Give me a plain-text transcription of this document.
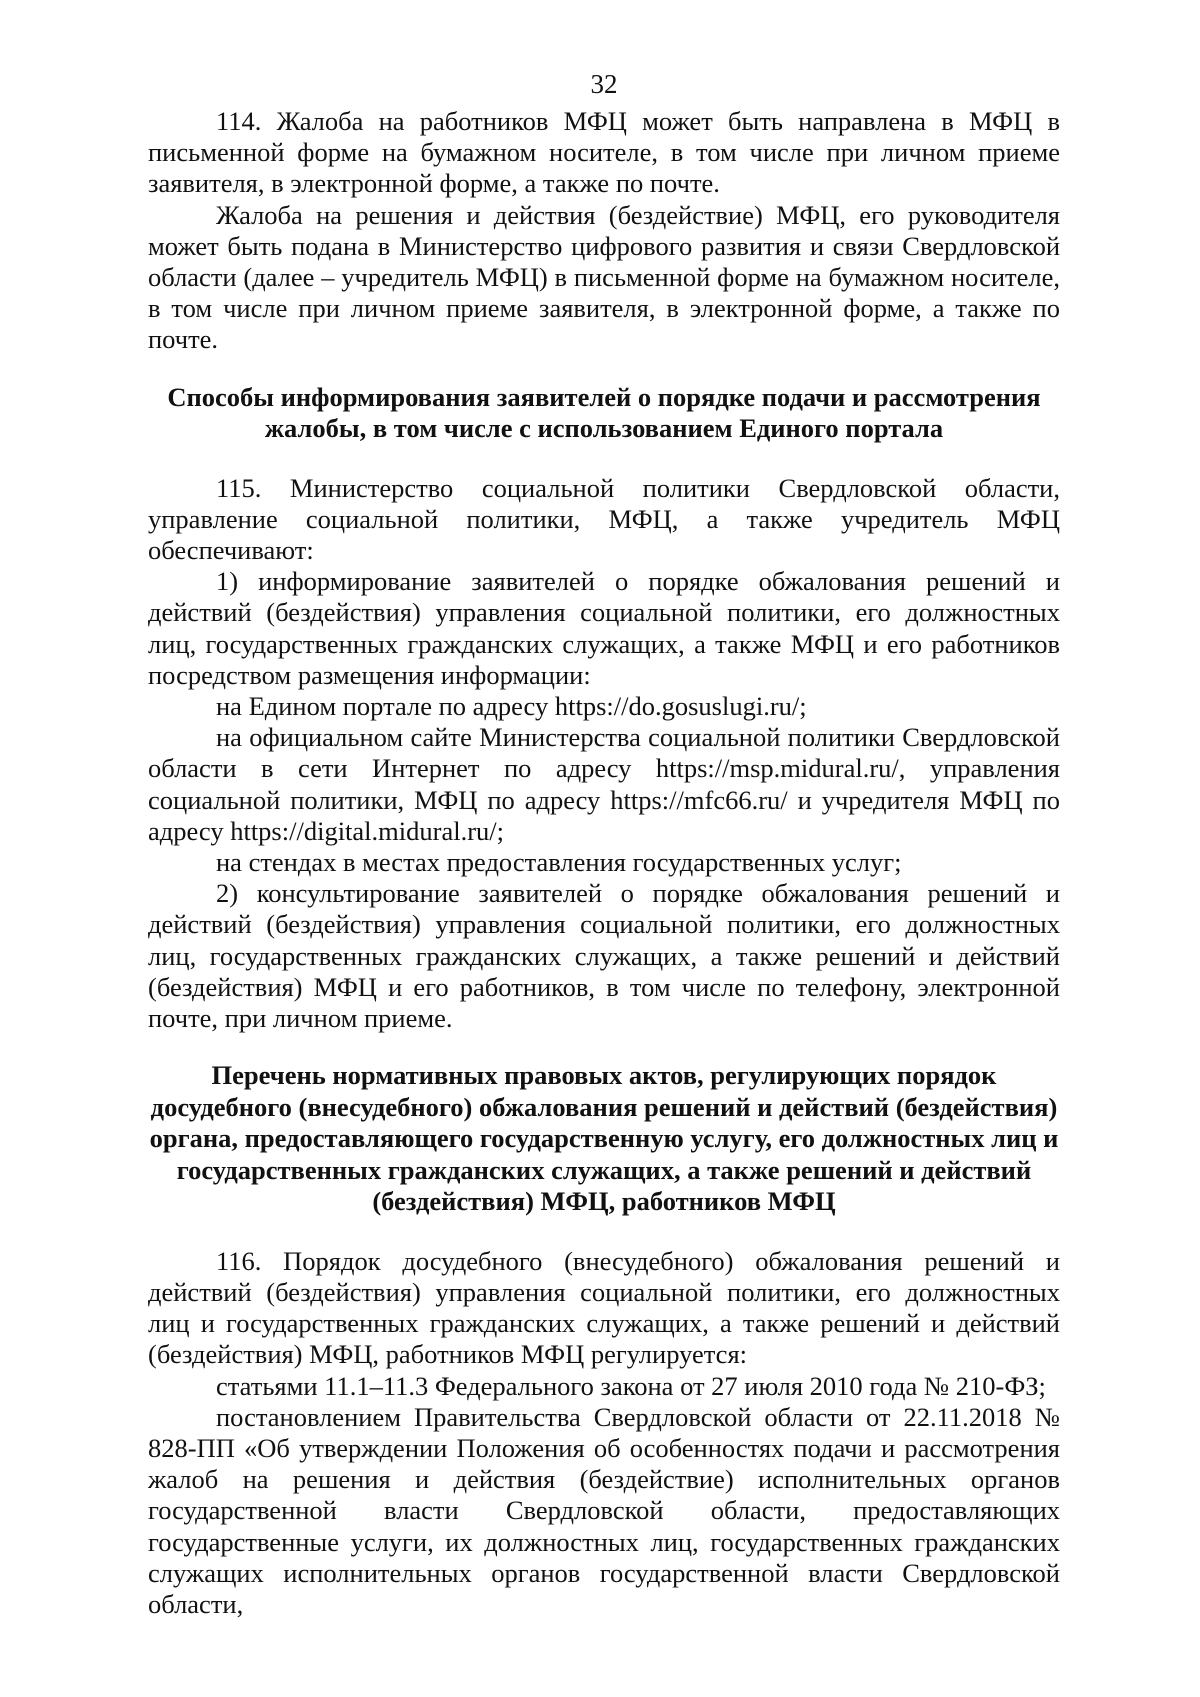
32

114. Жалоба на работников МФЦ может быть направлена в МФЦ в письменной форме на бумажном носителе, в том числе при личном приеме заявителя, в электронной форме, а также по почте.

Жалоба на решения и действия (бездействие) МФЦ, его руководителя может быть подана в Министерство цифрового развития и связи Свердловской области (далее – учредитель МФЦ) в письменной форме на бумажном носителе, в том числе при личном приеме заявителя, в электронной форме, а также по почте.

Способы информирования заявителей о порядке подачи и рассмотрения жалобы, в том числе с использованием Единого портала

115. Министерство социальной политики Свердловской области, управление социальной политики, МФЦ, а также учредитель МФЦ обеспечивают:

1) информирование заявителей о порядке обжалования решений и действий (бездействия) управления социальной политики, его должностных лиц, государственных гражданских служащих, а также МФЦ и его работников посредством размещения информации:

на Едином портале по адресу https://do.gosuslugi.ru/;

на официальном сайте Министерства социальной политики Свердловской области в сети Интернет по адресу https://msp.midural.ru/, управления социальной политики, МФЦ по адресу https://mfc66.ru/ и учредителя МФЦ по адресу https://digital.midural.ru/;

на стендах в местах предоставления государственных услуг;

2) консультирование заявителей о порядке обжалования решений и действий (бездействия) управления социальной политики, его должностных лиц, государственных гражданских служащих, а также решений и действий (бездействия) МФЦ и его работников, в том числе по телефону, электронной почте, при личном приеме.

Перечень нормативных правовых актов, регулирующих порядок досудебного (внесудебного) обжалования решений и действий (бездействия) органа, предоставляющего государственную услугу, его должностных лиц и государственных гражданских служащих, а также решений и действий (бездействия) МФЦ, работников МФЦ

116. Порядок досудебного (внесудебного) обжалования решений и действий (бездействия) управления социальной политики, его должностных лиц и государственных гражданских служащих, а также решений и действий (бездействия) МФЦ, работников МФЦ регулируется:

статьями 11.1–11.3 Федерального закона от 27 июля 2010 года № 210-ФЗ;

постановлением Правительства Свердловской области от 22.11.2018 № 828-ПП «Об утверждении Положения об особенностях подачи и рассмотрения жалоб на решения и действия (бездействие) исполнительных органов государственной власти Свердловской области, предоставляющих государственные услуги, их должностных лиц, государственных гражданских служащих исполнительных органов государственной власти Свердловской области,
